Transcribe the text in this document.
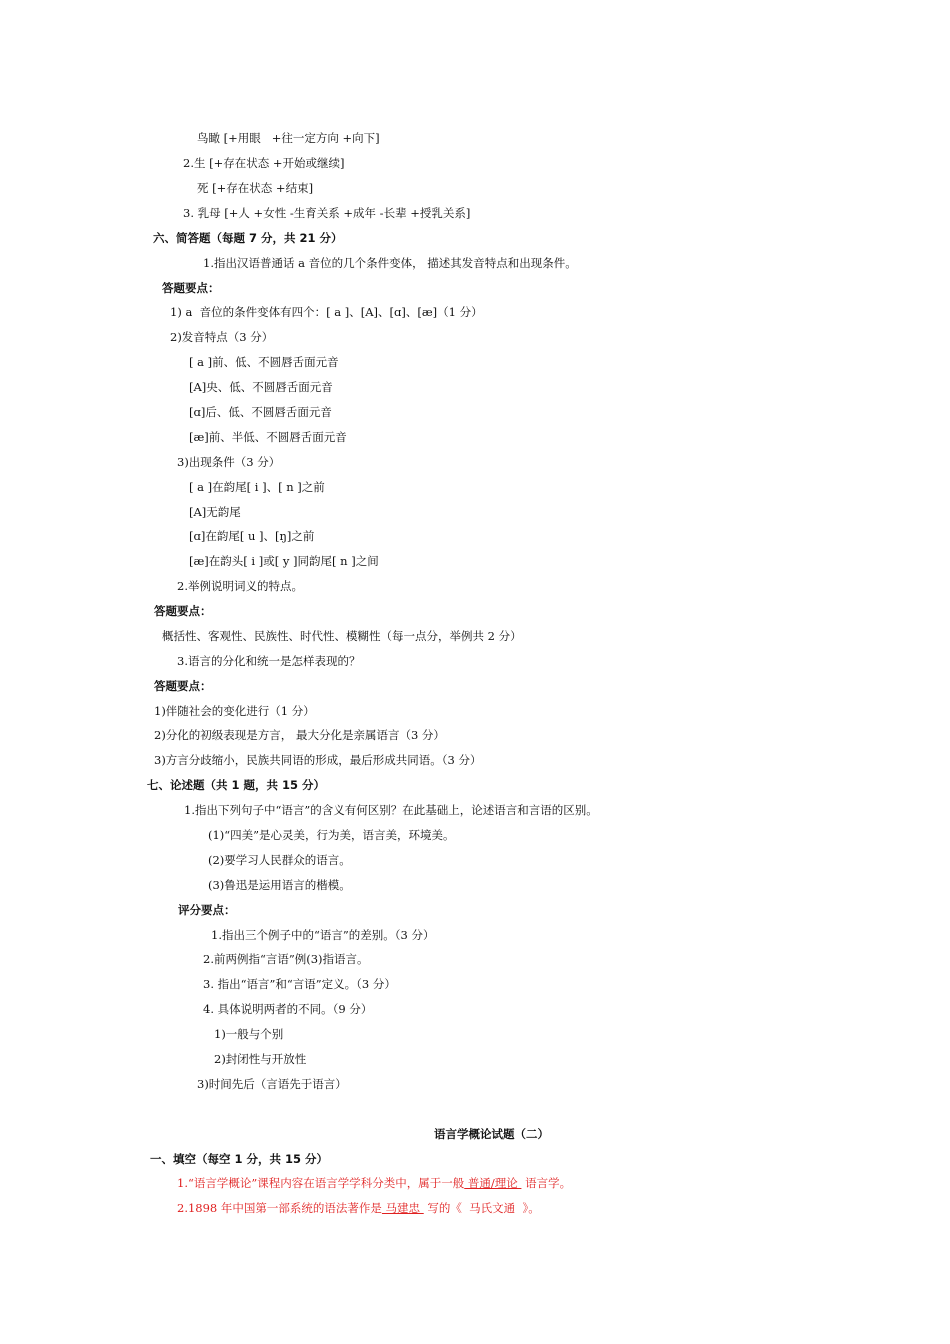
鸟瞰 [+用眼   +往一定方向 +向下]
2.生 [+存在状态 +开始或继续]
死 [+存在状态 +结束]
3. 乳母 [+人 +女性 -生育关系 +成年 -长辈 +授乳关系]
六、简答题（每题 7 分，共 21 分）
1.指出汉语普通话 a 音位的几个条件变体， 描述其发音特点和出现条件。
答题要点：
1) a  音位的条件变体有四个：[ a ]、[A]、[ɑ]、[æ]（1 分）
2)发音特点（3 分）
[ a ]前、低、不圆唇舌面元音
[A]央、低、不圆唇舌面元音
[ɑ]后、低、不圆唇舌面元音
[æ]前、半低、不圆唇舌面元音
3)出现条件（3 分）
[ a ]在韵尾[ i ]、[ n ]之前
[A]无韵尾
[ɑ]在韵尾[ u ]、[ŋ]之前
[æ]在韵头[ i ]或[ y ]同韵尾[ n ]之间
2.举例说明词义的特点。
答题要点：
概括性、客观性、民族性、时代性、模糊性（每一点分，举例共 2 分）
3.语言的分化和统一是怎样表现的？
答题要点：
1)伴随社会的变化进行（1 分）
2)分化的初级表现是方言， 最大分化是亲属语言（3 分）
3)方言分歧缩小，民族共同语的形成，最后形成共同语。（3 分）
七、论述题（共 1 题，共 15 分）
1.指出下列句子中“语言”的含义有何区别？在此基础上，论述语言和言语的区别。
(1)“四美”是心灵美，行为美，语言美，环境美。
(2)要学习人民群众的语言。
(3)鲁迅是运用语言的楷模。
评分要点：
1.指出三个例子中的“语言”的差别。（3 分）
2.前两例指“言语”例(3)指语言。
3. 指出“语言”和“言语”定义。（3 分）
4. 具体说明两者的不同。（9 分）
1)一般与个别
2)封闭性与开放性
3)时间先后（言语先于语言）
语言学概论试题（二）
一、填空（每空 1 分，共 15 分）
1.“语言学概论”课程内容在语言学学科分类中，属于一般 普通/理论  语言学。
2.1898 年中国第一部系统的语法著作是 马建忠  写的《  马氏文通  》。
